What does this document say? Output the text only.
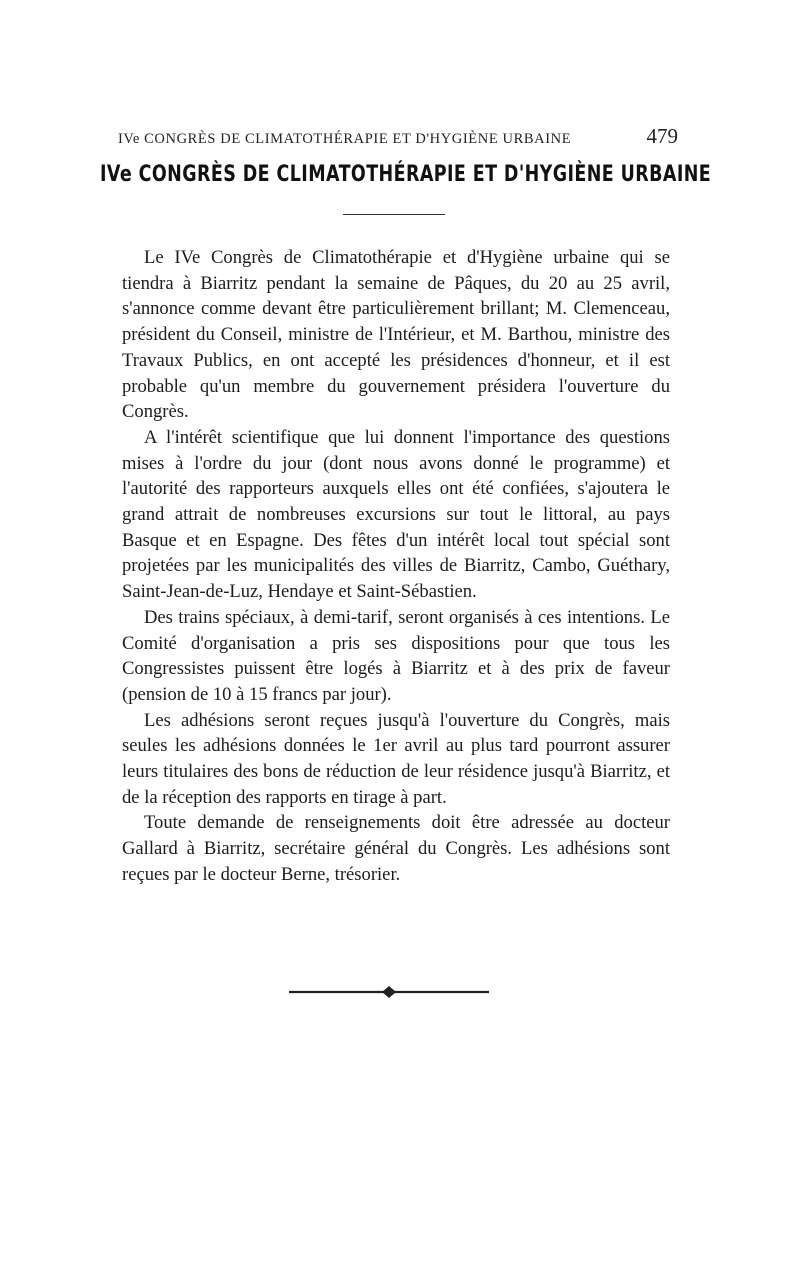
IVe CONGRÈS DE CLIMATOTHÉRAPIE ET D'HYGIÈNE URBAINE	479
IVe CONGRÈS DE CLIMATOTHÉRAPIE ET D'HYGIÈNE URBAINE

Le IVe Congrès de Climatothérapie et d'Hygiène urbaine qui se tiendra à Biarritz pendant la semaine de Pâques, du 20 au 25 avril, s'annonce comme devant être particulièrement brillant; M. Clemenceau, président du Conseil, ministre de l'Intérieur, et M. Barthou, ministre des Travaux Publics, en ont accepté les présidences d'honneur, et il est probable qu'un membre du gouvernement présidera l'ouverture du Congrès.

A l'intérêt scientifique que lui donnent l'importance des questions mises à l'ordre du jour (dont nous avons donné le programme) et l'autorité des rapporteurs auxquels elles ont été confiées, s'ajoutera le grand attrait de nombreuses excursions sur tout le littoral, au pays Basque et en Espagne. Des fêtes d'un intérêt local tout spécial sont projetées par les municipalités des villes de Biarritz, Cambo, Guéthary, Saint-Jean-de-Luz, Hendaye et Saint-Sébastien.

Des trains spéciaux, à demi-tarif, seront organisés à ces intentions. Le Comité d'organisation a pris ses dispositions pour que tous les Congressistes puissent être logés à Biarritz et à des prix de faveur (pension de 10 à 15 francs par jour).

Les adhésions seront reçues jusqu'à l'ouverture du Congrès, mais seules les adhésions données le 1er avril au plus tard pourront assurer leurs titulaires des bons de réduction de leur résidence jusqu'à Biarritz, et de la réception des rapports en tirage à part.

Toute demande de renseignements doit être adressée au docteur Gallard à Biarritz, secrétaire général du Congrès. Les adhésions sont reçues par le docteur Berne, trésorier.
